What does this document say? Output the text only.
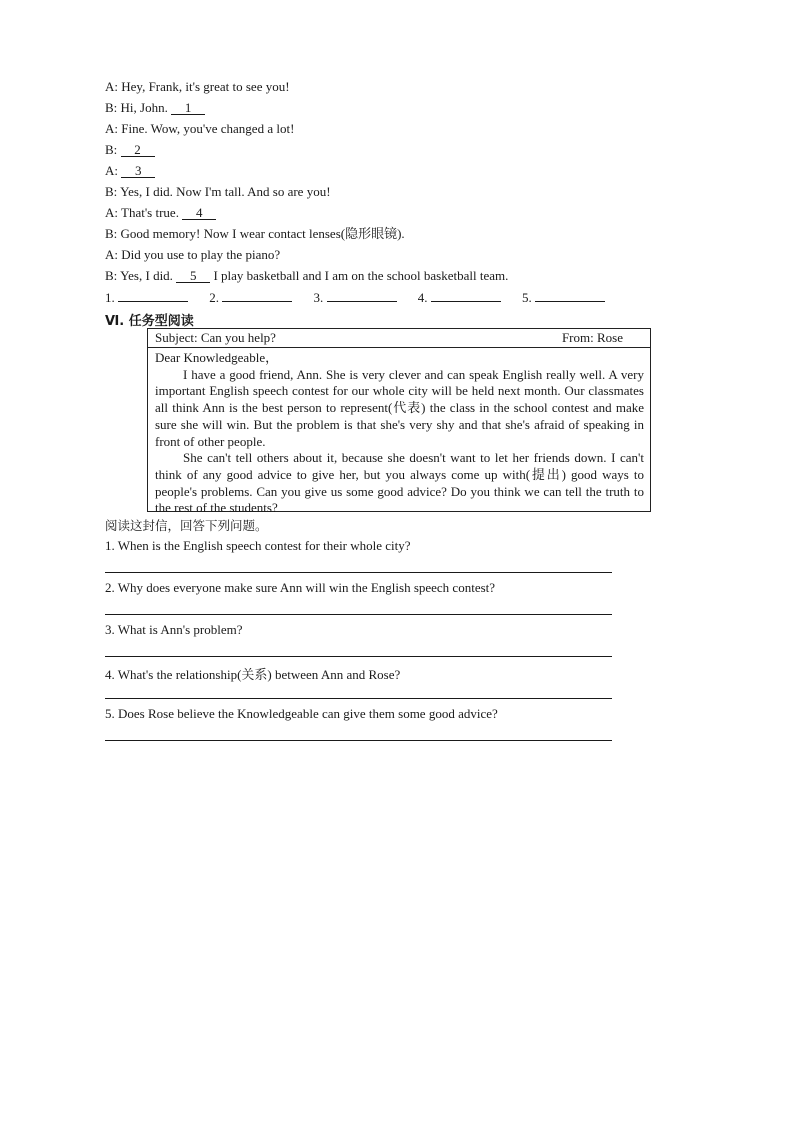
A: Hey, Frank, it's great to see you!
B: Hi, John. 1
A: Fine. Wow, you've changed a lot!
B: 2
A: 3
B: Yes, I did. Now I'm tall. And so are you!
A: That's true. 4
B: Good memory! Now I wear contact lenses(隐形眼镜).
A: Did you use to play the piano?
B: Yes, I did. 5 I play basketball and I am on the school basketball team.
1.	2.	3.	4.	5.
Ⅵ. 任务型阅读
Subject: Can you help?	From: Rose

Dear Knowledgeable，

I have a good friend, Ann. She is very clever and can speak English really well. A very important English speech contest for our whole city will be held next month. Our classmates all think Ann is the best person to represent(代表) the class in the school contest and make sure she will win. But the problem is that she's very shy and that she's afraid of speaking in front of other people.

She can't tell others about it, because she doesn't want to let her friends down. I can't think of any good advice to give her, but you always come up with(提出) good ways to people's problems. Can you give us some good advice? Do you think we can tell the truth to the rest of the students?

阅读这封信，回答下列问题。
1. When is the English speech contest for their whole city?
2. Why does everyone make sure Ann will win the English speech contest?
3. What is Ann's problem?
4. What's the relationship(关系) between Ann and Rose?
5. Does Rose believe the Knowledgeable can give them some good advice?
